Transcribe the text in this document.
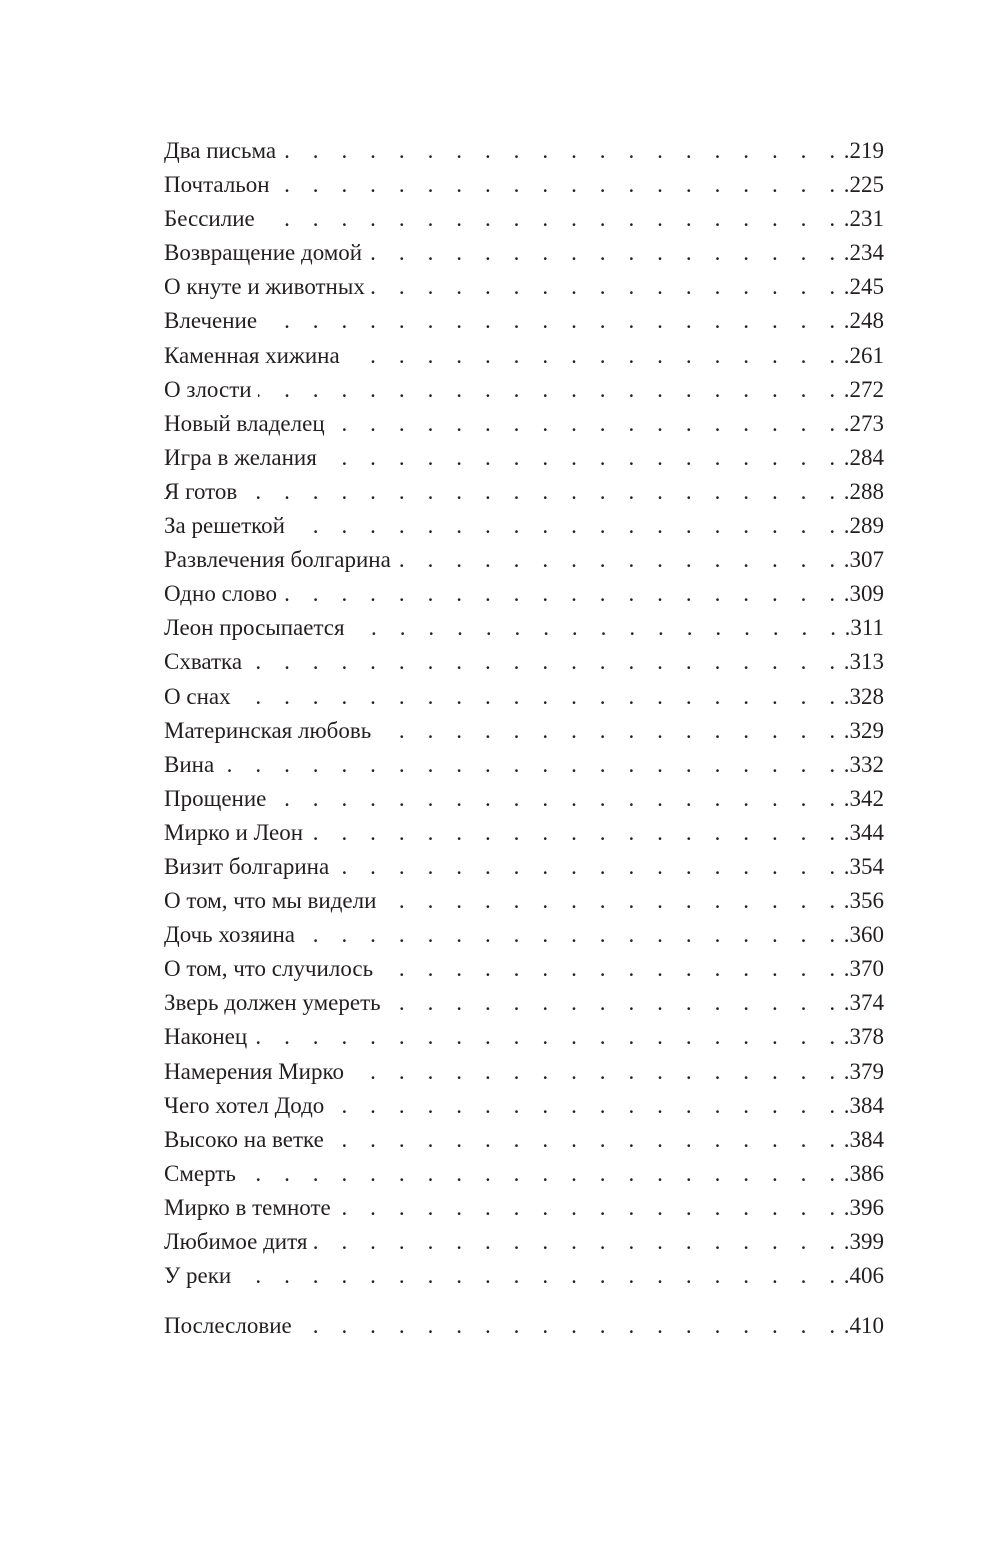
Два письма . . .	.219
Почтальон . . .	.225
Бессилие . . .	.231
Возвращение домой . . .	.234
О кнуте и животных . . .	.245
Влечение . . .	.248
Каменная хижина . . .	.261
О злости . . .	.272
Новый владелец . . .	.273
Игра в желания . . .	.284
Я готов . . .	.288
За решеткой . . .	.289
Развлечения болгарина . . .	.307
Одно слово . . .	.309
Леон просыпается . . .	.311
Схватка . . .	.313
О снах . . .	.328
Материнская любовь . . .	.329
Вина . . .	.332
Прощение . . .	.342
Мирко и Леон . . .	.344
Визит болгарина . . .	.354
О том, что мы видели . . .	.356
Дочь хозяина . . .	.360
О том, что случилось . . .	.370
Зверь должен умереть . . .	.374
Наконец . . .	.378
Намерения Мирко . . .	.379
Чего хотел Додо . . .	.384
Высоко на ветке . . .	.384
Смерть . . .	.386
Мирко в темноте . . .	.396
Любимое дитя . . .	.399
У реки . . .	.406
Послесловие . . .	.410
